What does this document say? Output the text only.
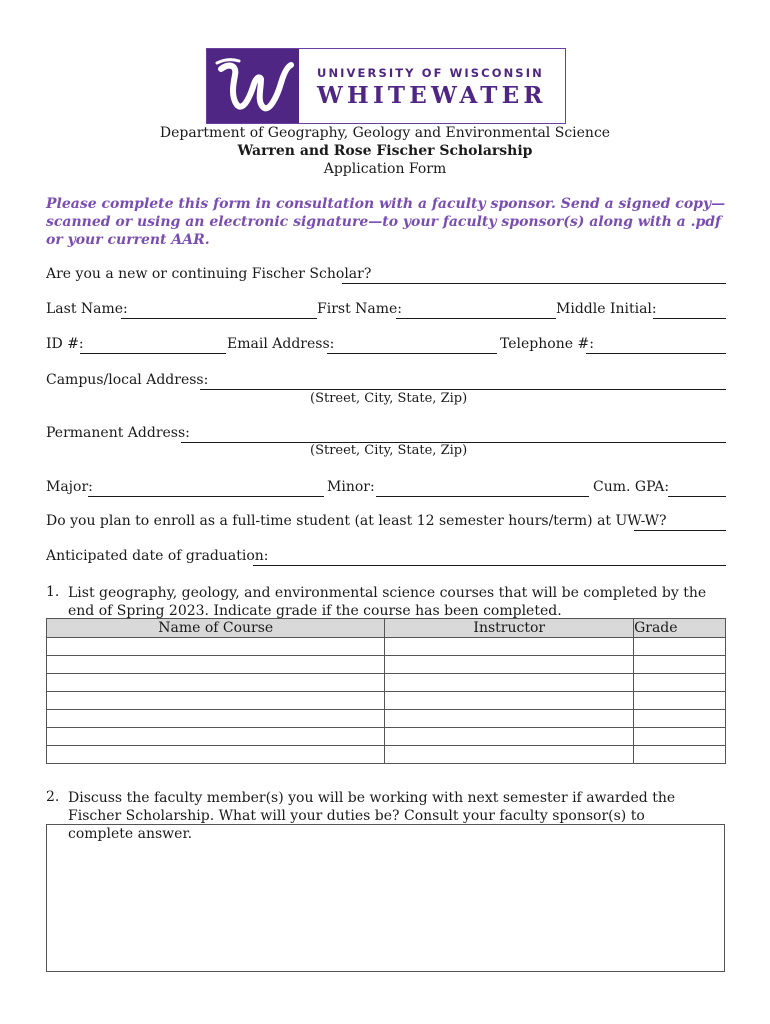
UNIVERSITY OF WISCONSIN
WHITEWATER
Department of Geography, Geology and Environmental Science
Warren and Rose Fischer Scholarship
Application Form
Please complete this form in consultation with a faculty sponsor. Send a signed copy—scanned or using an electronic signature—to your faculty sponsor(s) along with a .pdf or your current AAR.
Are you a new or continuing Fischer Scholar?
Last Name:	First Name:	Middle Initial:
ID #:	Email Address:	Telephone #:
Campus/local Address:
(Street, City, State, Zip)
Permanent Address:
(Street, City, State, Zip)
Major:	Minor:	Cum. GPA:
Do you plan to enroll as a full-time student (at least 12 semester hours/term) at UW-W?
Anticipated date of graduation:
1. List geography, geology, and environmental science courses that will be completed by the end of Spring 2023. Indicate grade if the course has been completed.
Name of Course	Instructor	Grade

2. Discuss the faculty member(s) you will be working with next semester if awarded the Fischer Scholarship. What will your duties be? Consult your faculty sponsor(s) to complete answer.
